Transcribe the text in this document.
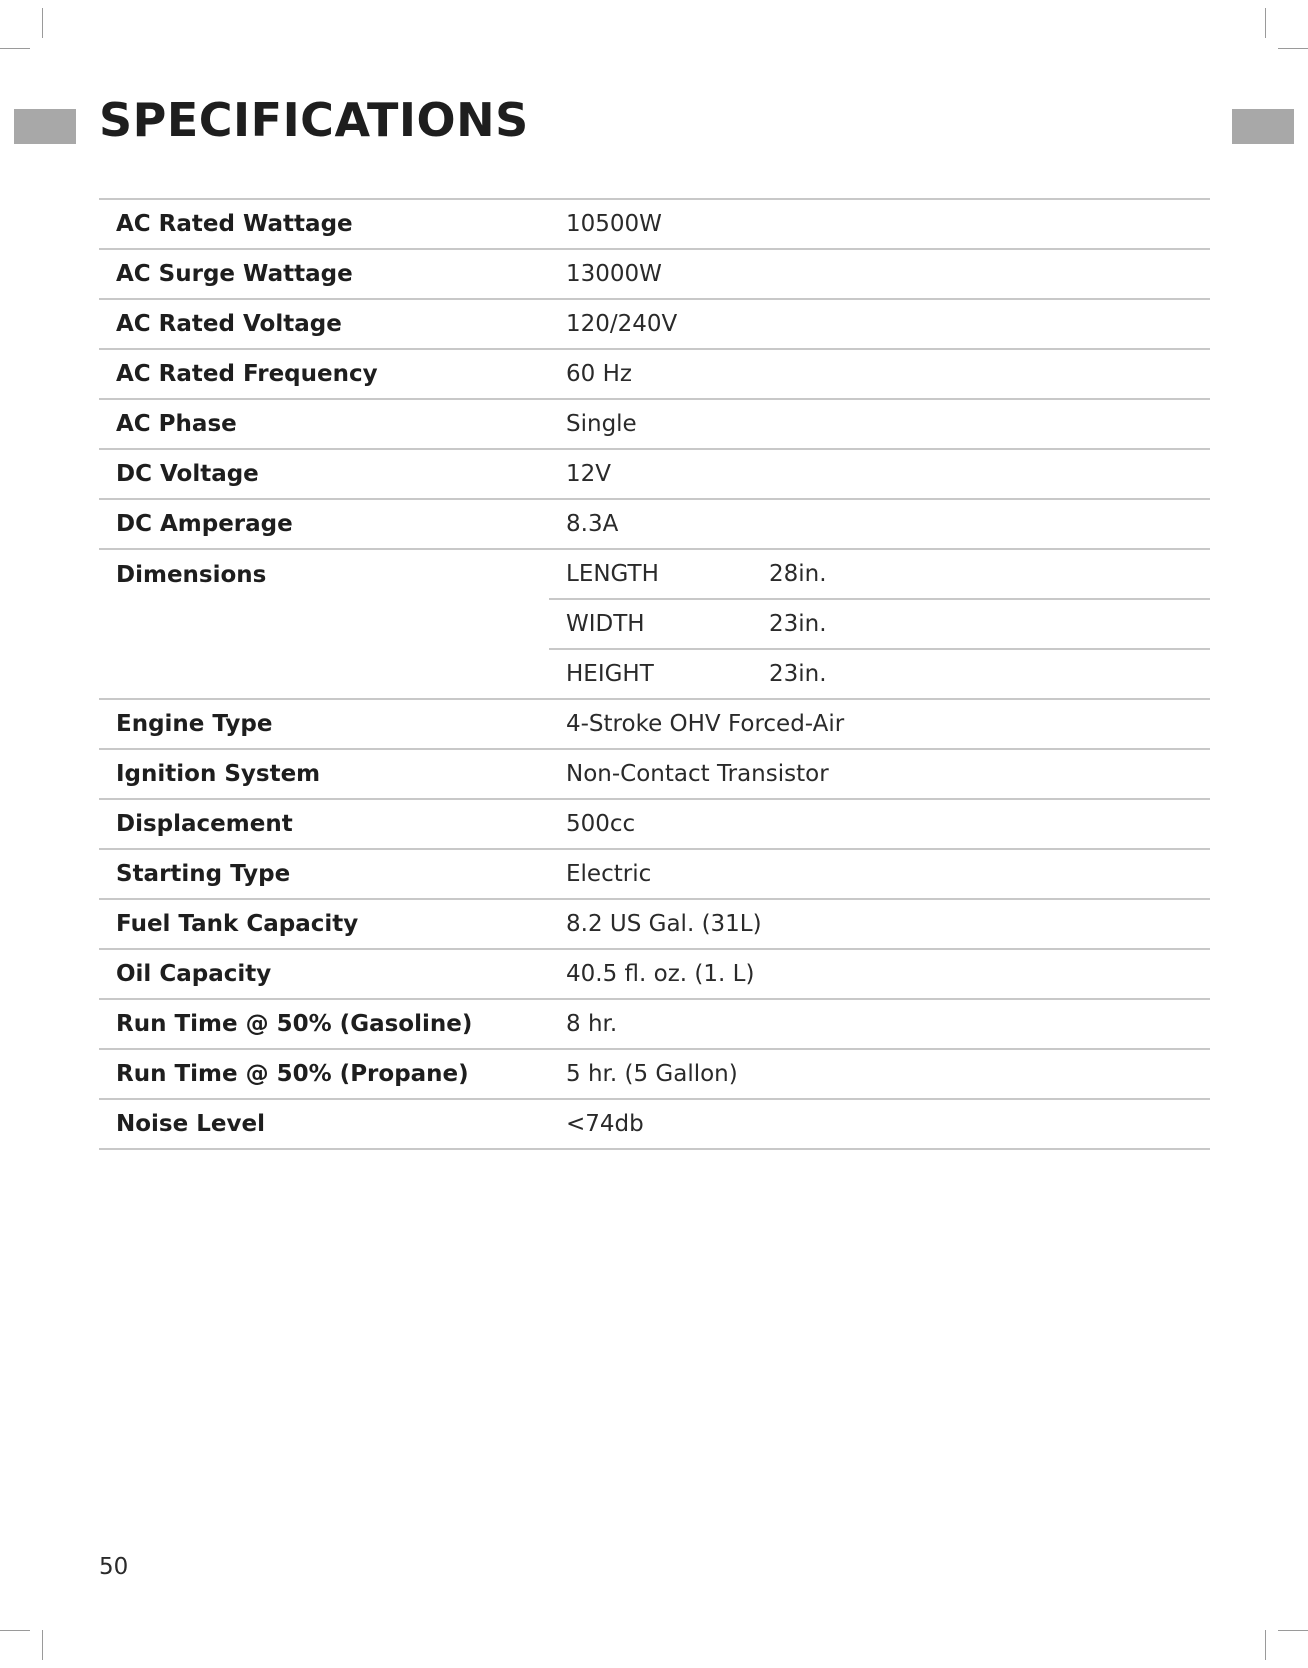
SPECIFICATIONS
AC Rated Wattage	10500W	
AC Surge Wattage	13000W	
AC Rated Voltage	120/240V	
AC Rated Frequency	60 Hz	
AC Phase	Single	
DC Voltage	12V	
DC Amperage	8.3A	
Dimensions	LENGTH	28in.
	WIDTH	23in.
	HEIGHT	23in.
Engine Type	4-Stroke OHV Forced-Air	
Ignition System	Non-Contact Transistor	
Displacement	500cc	
Starting Type	Electric	
Fuel Tank Capacity	8.2 US Gal. (31L)	
Oil Capacity	40.5 fl. oz. (1. L)	
Run Time @ 50% (Gasoline)	8 hr.	
Run Time @ 50% (Propane)	5 hr. (5 Gallon)	
Noise Level	<74db	
50
